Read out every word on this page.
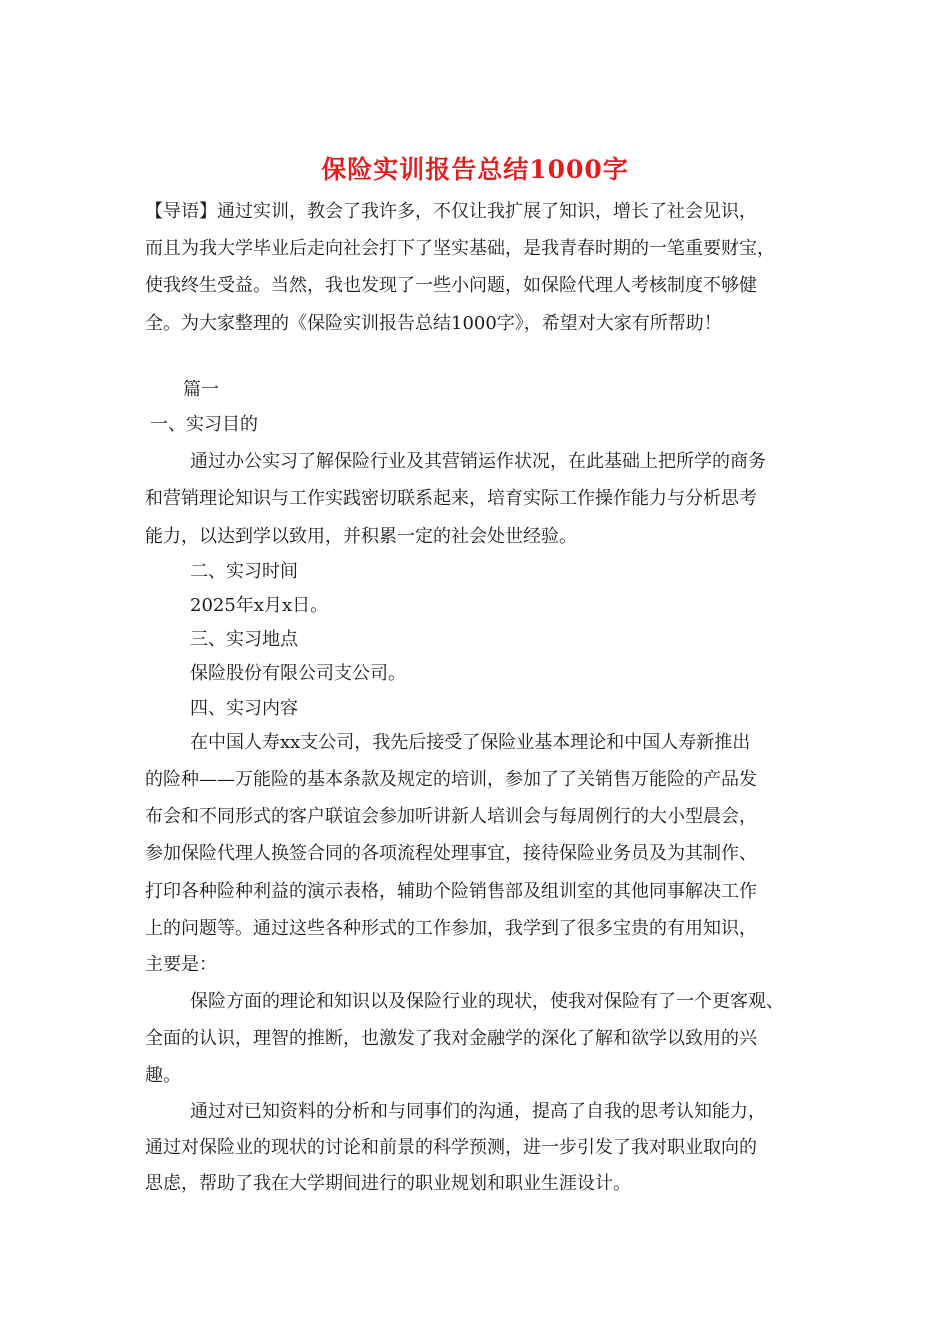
保险实训报告总结1000字
【导语】通过实训，教会了我许多，不仅让我扩展了知识，增长了社会见识，
而且为我大学毕业后走向社会打下了坚实基础，是我青春时期的一笔重要财宝，
使我终生受益。当然，我也发现了一些小问题，如保险代理人考核制度不够健
全。为大家整理的《保险实训报告总结1000字》，希望对大家有所帮助！
篇一
一、实习目的
通过办公实习了解保险行业及其营销运作状况，在此基础上把所学的商务
和营销理论知识与工作实践密切联系起来，培育实际工作操作能力与分析思考
能力，以达到学以致用，并积累一定的社会处世经验。
二、实习时间
2025年x月x日。
三、实习地点
保险股份有限公司支公司。
四、实习内容
在中国人寿xx支公司，我先后接受了保险业基本理论和中国人寿新推出
的险种——万能险的基本条款及规定的培训，参加了了关销售万能险的产品发
布会和不同形式的客户联谊会参加听讲新人培训会与每周例行的大小型晨会，
参加保险代理人换签合同的各项流程处理事宜，接待保险业务员及为其制作、
打印各种险种利益的演示表格，辅助个险销售部及组训室的其他同事解决工作
上的问题等。通过这些各种形式的工作参加，我学到了很多宝贵的有用知识，
主要是：
保险方面的理论和知识以及保险行业的现状，使我对保险有了一个更客观、
全面的认识，理智的推断，也激发了我对金融学的深化了解和欲学以致用的兴
趣。
通过对已知资料的分析和与同事们的沟通，提高了自我的思考认知能力，
通过对保险业的现状的讨论和前景的科学预测，进一步引发了我对职业取向的
思虑，帮助了我在大学期间进行的职业规划和职业生涯设计。
